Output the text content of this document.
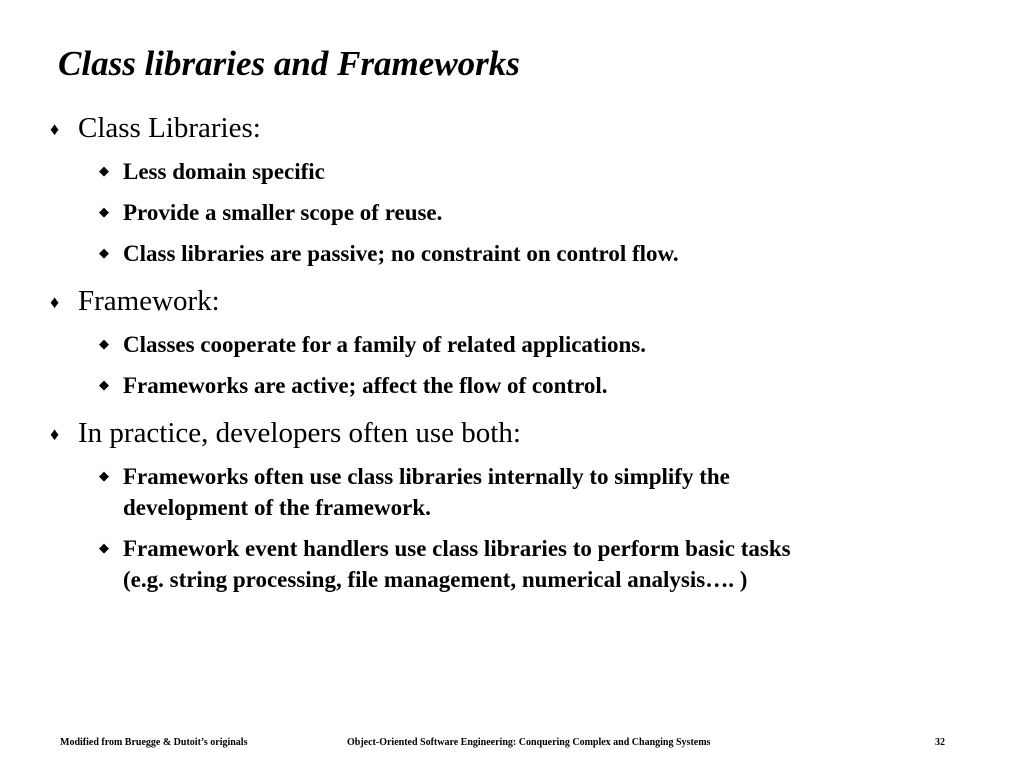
Class libraries and Frameworks
♦ Class Libraries:
◆ Less domain specific
◆ Provide a smaller scope of reuse.
◆ Class libraries are passive; no constraint on control flow.
♦ Framework:
◆ Classes cooperate for a family of related applications.
◆ Frameworks are active; affect the flow of control.
♦ In practice, developers often use both:
◆ Frameworks often use class libraries internally to simplify the
development of the framework.
◆ Framework event handlers use class libraries to perform basic tasks
(e.g. string processing, file management, numerical analysis…. )
Modified from Bruegge & Dutoit’s originals	Object-Oriented Software Engineering: Conquering Complex and Changing Systems	32
